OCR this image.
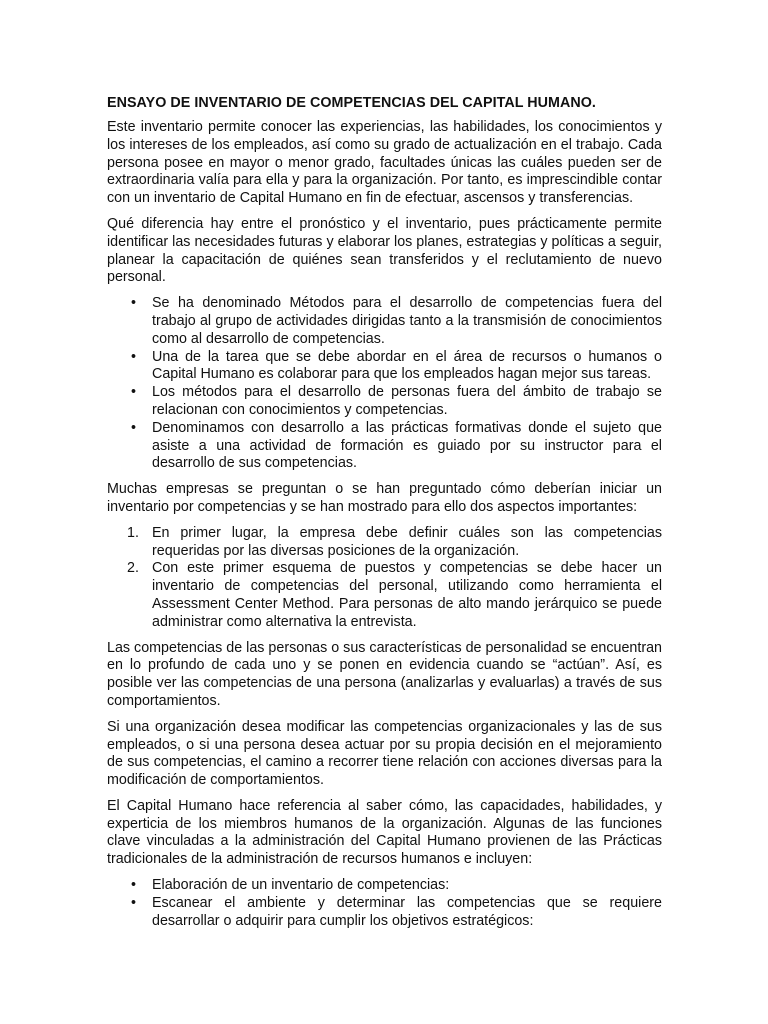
ENSAYO DE INVENTARIO DE COMPETENCIAS DEL CAPITAL HUMANO.

Este inventario permite conocer las experiencias, las habilidades, los conocimientos y los intereses de los empleados, así como su grado de actualización en el trabajo. Cada persona posee en mayor o menor grado, facultades únicas las cuáles pueden ser de extraordinaria valía para ella y para la organización. Por tanto, es imprescindible contar con un inventario de Capital Humano en fin de efectuar, ascensos y transferencias.

Qué diferencia hay entre el pronóstico y el inventario, pues prácticamente permite identificar las necesidades futuras y elaborar los planes, estrategias y políticas a seguir, planear la capacitación de quiénes sean transferidos y el reclutamiento de nuevo personal.

•	Se ha denominado Métodos para el desarrollo de competencias fuera del trabajo al grupo de actividades dirigidas tanto a la transmisión de conocimientos como al desarrollo de competencias.
•	Una de la tarea que se debe abordar en el área de recursos o humanos o Capital Humano es colaborar para que los empleados hagan mejor sus tareas.
•	Los métodos para el desarrollo de personas fuera del ámbito de trabajo se relacionan con conocimientos y competencias.
•	Denominamos con desarrollo a las prácticas formativas donde el sujeto que asiste a una actividad de formación es guiado por su instructor para el desarrollo de sus competencias.

Muchas empresas se preguntan o se han preguntado cómo deberían iniciar un inventario por competencias y se han mostrado para ello dos aspectos importantes:

1. En primer lugar, la empresa debe definir cuáles son las competencias requeridas por las diversas posiciones de la organización.
2. Con este primer esquema de puestos y competencias se debe hacer un inventario de competencias del personal, utilizando como herramienta el Assessment Center Method. Para personas de alto mando jerárquico se puede administrar como alternativa la entrevista.

Las competencias de las personas o sus características de personalidad se encuentran en lo profundo de cada uno y se ponen en evidencia cuando se “actúan”. Así, es posible ver las competencias de una persona (analizarlas y evaluarlas) a través de sus comportamientos.

Si una organización desea modificar las competencias organizacionales y las de sus empleados, o si una persona desea actuar por su propia decisión en el mejoramiento de sus competencias, el camino a recorrer tiene relación con acciones diversas para la modificación de comportamientos.

El Capital Humano hace referencia al saber cómo, las capacidades, habilidades, y experticia de los miembros humanos de la organización. Algunas de las funciones clave vinculadas a la administración del Capital Humano provienen de las Prácticas tradicionales de la administración de recursos humanos e incluyen:

•	Elaboración de un inventario de competencias:
•	Escanear el ambiente y determinar las competencias que se requiere desarrollar o adquirir para cumplir los objetivos estratégicos:
